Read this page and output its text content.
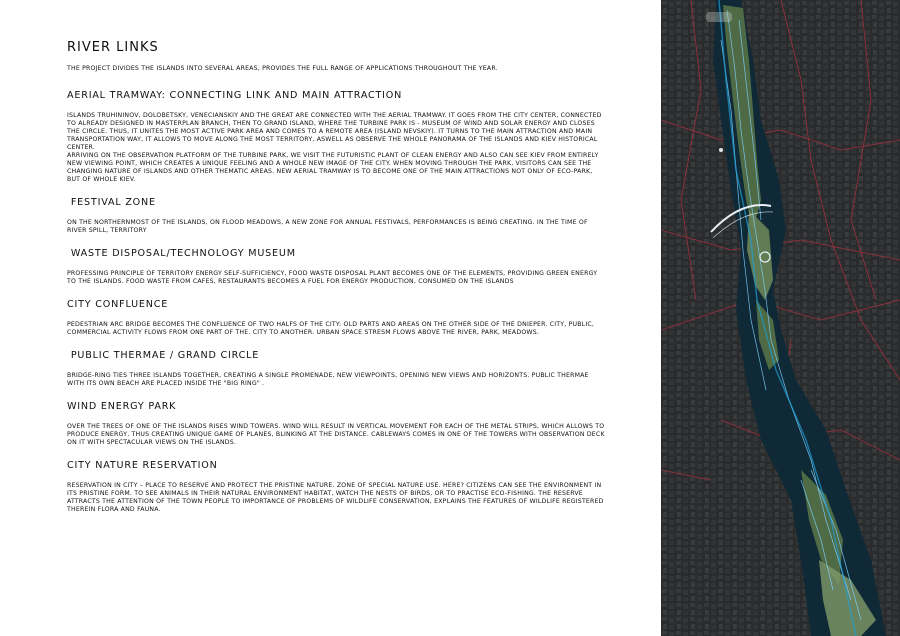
RIVER LINKS

THE PROJECT DIVIDES THE ISLANDS INTO SEVERAL AREAS, PROVIDES THE FULL RANGE OF APPLICATIONS THROUGHOUT THE YEAR.

AERIAL TRAMWAY: CONNECTING LINK AND MAIN ATTRACTION

ISLANDS TRUHININOV, DOLOBETSKY, VENECIANSKIY AND THE GREAT ARE CONNECTED WITH THE AERIAL TRAMWAY. IT GOES FROM THE CITY CENTER, CONNECTED TO ALREADY DESIGNED IN MASTERPLAN BRANCH, THEN TO GRAND ISLAND, WHERE THE TURBINE PARK IS - MUSEUM OF WIND AND SOLAR ENERGY AND CLOSES THE CIRCLE. THUS, IT UNITES THE MOST ACTIVE PARK AREA AND COMES TO A REMOTE AREA (ISLAND NEVSKIY). IT TURNS TO THE MAIN ATTRACTION AND MAIN TRANSPORTATION WAY, IT ALLOWS TO MOVE ALONG THE MOST TERRITORY, ASWELL AS OBSERVE THE WHOLE PANORAMA OF THE ISLANDS AND KIEV HISTORICAL CENTER.
ARRIVING ON THE OBSERVATION PLATFORM OF THE TURBINE PARK, WE VISIT THE FUTURISTIC PLANT OF CLEAN ENERGY AND ALSO CAN SEE KIEV FROM ENTIRELY NEW VIEWING POINT, WHICH CREATES A UNIQUE FEELING AND A WHOLE NEW IMAGE OF THE CITY. WHEN MOVING THROUGH THE PARK, VISITORS CAN SEE THE CHANGING NATURE OF ISLANDS AND OTHER THEMATIC AREAS. NEW AERIAL TRAMWAY IS TO BECOME ONE OF THE MAIN ATTRACTIONS NOT ONLY OF ECO-PARK, BUT OF WHOLE KIEV.

FESTIVAL ZONE

ON THE NORTHERNMOST OF THE ISLANDS, ON FLOOD MEADOWS, A NEW ZONE FOR ANNUAL FESTIVALS, PERFORMANCES IS BEING CREATING. IN THE TIME OF RIVER SPILL, TERRITORY

WASTE DISPOSAL/TECHNOLOGY MUSEUM

PROFESSING PRINCIPLE OF TERRITORY ENERGY SELF-SUFFICIENCY, FOOD WASTE DISPOSAL PLANT BECOMES ONE OF THE ELEMENTS, PROVIDING GREEN ENERGY TO THE ISLANDS. FOOD WASTE FROM CAFES, RESTAURANTS BECOMES A FUEL FOR ENERGY PRODUCTION, CONSUMED ON THE ISLANDS

CITY CONFLUENCE

PEDESTRIAN ARC BRIDGE BECOMES THE CONFLUENCE OF TWO HALFS OF THE CITY: OLD PARTS AND AREAS ON THE OTHER SIDE OF THE DNIEPER. CITY, PUBLIC, COMMERCIAL ACTIVITY FLOWS FROM ONE PART OF THE. CITY TO ANOTHER. URBAN SPACE STRESM FLOWS ABOVE THE RIVER, PARK, MEADOWS.

PUBLIC THERMAE / GRAND CIRCLE

BRIDGE-RING TIES THREE ISLANDS TOGETHER, CREATING A SINGLE PROMENADE, NEW VIEWPOINTS, OPENING NEW VIEWS AND HORIZONTS. PUBLIC THERMAE WITH ITS OWN BEACH ARE PLACED INSIDE THE "BIG RING" .

WIND ENERGY PARK

OVER THE TREES OF ONE OF THE ISLANDS RISES WIND TOWERS. WIND WILL RESULT IN VERTICAL MOVEMENT FOR EACH OF THE METAL STRIPS, WHICH ALLOWS TO PRODUCE ENERGY, THUS CREATING UNIQUE GAME OF PLANES, BLINKING AT THE DISTANCE. CABLEWAYS COMES IN ONE OF THE TOWERS WITH OBSERVATION DECK ON IT WITH SPECTACULAR VIEWS ON THE ISLANDS.

CITY NATURE RESERVATION

RESERVATION IN CITY – PLACE TO RESERVE AND PROTECT THE PRISTINE NATURE. ZONE OF SPECIAL NATURE USE. HERE? CITIZENS CAN SEE THE ENVIRONMENT IN ITS PRISTINE FORM. TO SEE ANIMALS IN THEIR NATURAL ENVIRONMENT HABITAT, WATCH THE NESTS OF BIRDS, OR TO PRACTISE ECO-FISHING. THE RESERVE ATTRACTS THE ATTENTION OF THE TOWN PEOPLE TO IMPORTANCE OF PROBLEMS OF WILDLIFE CONSERVATION, EXPLAINS THE FEATURES OF WILDLIFE REGISTERED THEREIN FLORA AND FAUNA.
